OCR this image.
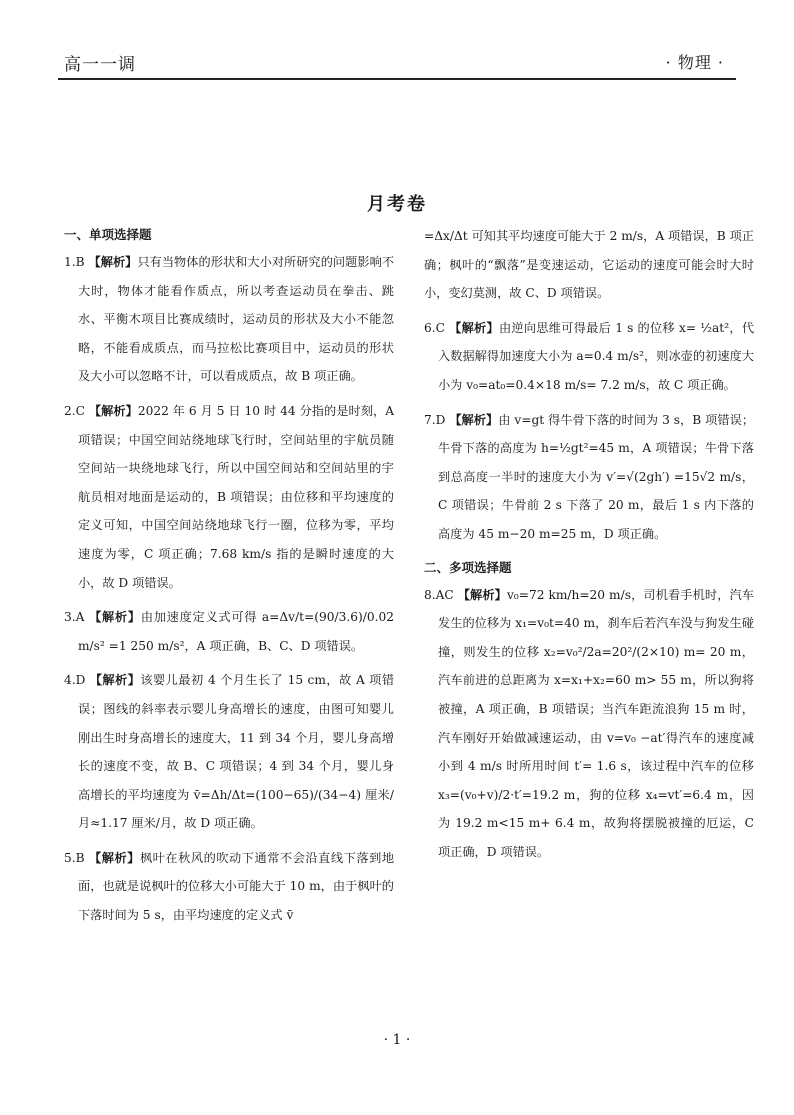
高一一调	· 物理 ·
月考卷
一、单项选择题
1.B 【解析】只有当物体的形状和大小对所研究的问题影响不大时，物体才能看作质点，所以考查运动员在拳击、跳水、平衡木项目比赛成绩时，运动员的形状及大小不能忽略，不能看成质点，而马拉松比赛项目中，运动员的形状及大小可以忽略不计，可以看成质点，故 B 项正确。
2.C 【解析】2022 年 6 月 5 日 10 时 44 分指的是时刻，A 项错误；中国空间站绕地球飞行时，空间站里的宇航员随空间站一块绕地球飞行，所以中国空间站和空间站里的宇航员相对地面是运动的，B 项错误；由位移和平均速度的定义可知，中国空间站绕地球飞行一圈，位移为零，平均速度为零，C 项正确；7.68 km/s 指的是瞬时速度的大小，故 D 项错误。
3.A 【解析】由加速度定义式可得 a=Δv/t=(90/3.6)/0.02 m/s² =1 250 m/s²，A 项正确，B、C、D 项错误。
4.D 【解析】该婴儿最初 4 个月生长了 15 cm，故 A 项错误；图线的斜率表示婴儿身高增长的速度，由图可知婴儿刚出生时身高增长的速度大，11 到 34 个月，婴儿身高增长的速度不变，故 B、C 项错误；4 到 34 个月，婴儿身高增长的平均速度为 v̄=Δh/Δt=(100−65)/(34−4) 厘米/月≈1.17 厘米/月，故 D 项正确。
5.B 【解析】枫叶在秋风的吹动下通常不会沿直线下落到地面，也就是说枫叶的位移大小可能大于 10 m，由于枫叶的下落时间为 5 s，由平均速度的定义式 v̄
=Δx/Δt 可知其平均速度可能大于 2 m/s，A 项错误，B 项正确；枫叶的“飘落”是变速运动，它运动的速度可能会时大时小，变幻莫测，故 C、D 项错误。
6.C 【解析】由逆向思维可得最后 1 s 的位移 x= ½at²，代入数据解得加速度大小为 a=0.4 m/s²，则冰壶的初速度大小为 v₀=at₀=0.4×18 m/s= 7.2 m/s，故 C 项正确。
7.D 【解析】由 v=gt 得牛骨下落的时间为 3 s，B 项错误；牛骨下落的高度为 h=½gt²=45 m，A 项错误；牛骨下落到总高度一半时的速度大小为 v′=√(2gh′) =15√2 m/s，C 项错误；牛骨前 2 s 下落了 20 m，最后 1 s 内下落的高度为 45 m−20 m=25 m，D 项正确。
二、多项选择题
8.AC 【解析】v₀=72 km/h=20 m/s，司机看手机时，汽车发生的位移为 x₁=v₀t=40 m，刹车后若汽车没与狗发生碰撞，则发生的位移 x₂=v₀²/2a=20²/(2×10) m= 20 m，汽车前进的总距离为 x=x₁+x₂=60 m> 55 m，所以狗将被撞，A 项正确，B 项错误；当汽车距流浪狗 15 m 时，汽车刚好开始做减速运动，由 v=v₀ −at′得汽车的速度减小到 4 m/s 时所用时间 t′= 1.6 s，该过程中汽车的位移 x₃=(v₀+v)/2·t′=19.2 m，狗的位移 x₄=vt′=6.4 m，因为 19.2 m<15 m+ 6.4 m，故狗将摆脱被撞的厄运，C 项正确，D 项错误。
· 1 ·
